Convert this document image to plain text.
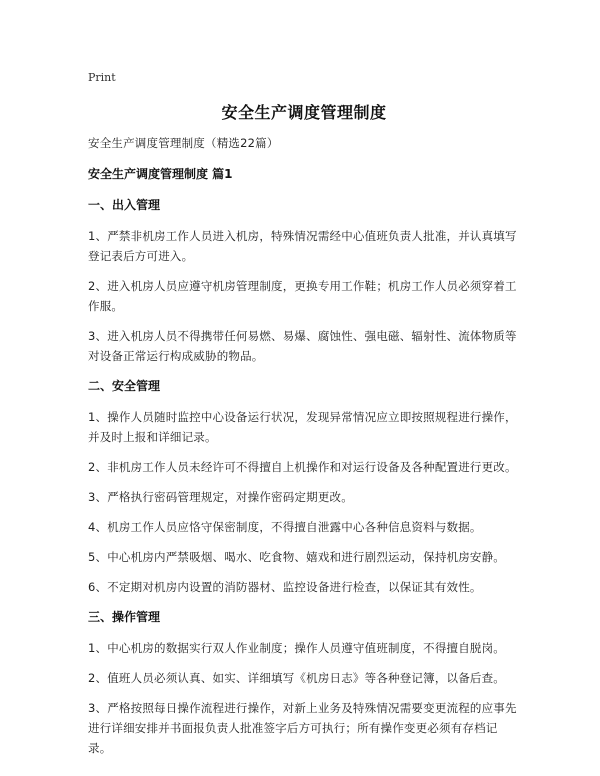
Print
安全生产调度管理制度
安全生产调度管理制度（精选22篇）
安全生产调度管理制度 篇1
一、出入管理
1、严禁非机房工作人员进入机房，特殊情况需经中心值班负责人批准，并认真填写登记表后方可进入。
2、进入机房人员应遵守机房管理制度，更换专用工作鞋；机房工作人员必须穿着工作服。
3、进入机房人员不得携带任何易燃、易爆、腐蚀性、强电磁、辐射性、流体物质等对设备正常运行构成威胁的物品。
二、安全管理
1、操作人员随时监控中心设备运行状况，发现异常情况应立即按照规程进行操作，并及时上报和详细记录。
2、非机房工作人员未经许可不得擅自上机操作和对运行设备及各种配置进行更改。
3、严格执行密码管理规定，对操作密码定期更改。
4、机房工作人员应恪守保密制度，不得擅自泄露中心各种信息资料与数据。
5、中心机房内严禁吸烟、喝水、吃食物、嬉戏和进行剧烈运动，保持机房安静。
6、不定期对机房内设置的消防器材、监控设备进行检查，以保证其有效性。
三、操作管理
1、中心机房的数据实行双人作业制度；操作人员遵守值班制度，不得擅自脱岗。
2、值班人员必须认真、如实、详细填写《机房日志》等各种登记簿，以备后查。
3、严格按照每日操作流程进行操作，对新上业务及特殊情况需要变更流程的应事先进行详细安排并书面报负责人批准签字后方可执行；所有操作变更必须有存档记录。
